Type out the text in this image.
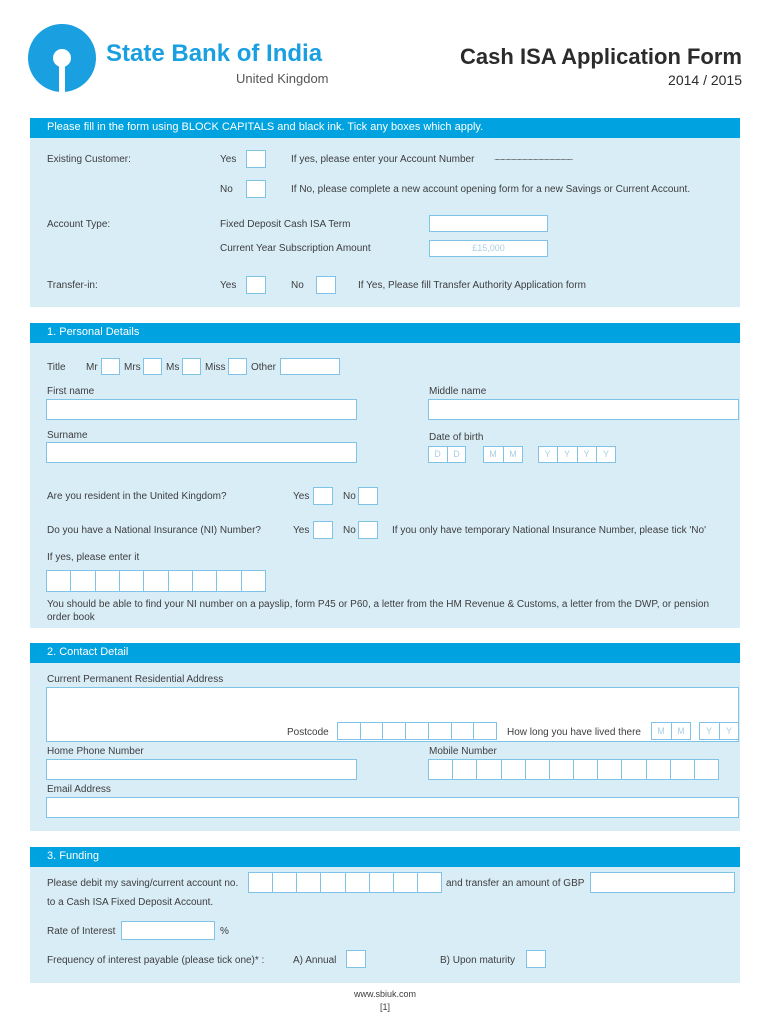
State Bank of India
United Kingdom
Cash ISA Application Form
2014 / 2015
Please fill in the form using BLOCK CAPITALS and black ink. Tick any boxes which apply.
Existing Customer:	Yes	If yes, please enter your Account Number ................................................................
No	If No, please complete a new account opening form for a new Savings or Current Account.
Account Type:	Fixed Deposit Cash ISA Term
Current Year Subscription Amount	£15,000
Transfer-in:	Yes	No	If Yes, Please fill Transfer Authority Application form
1. Personal Details
Title Mr	Mrs	Ms	Miss	Other
First name	Middle name
Surname	Date of birth
D	D	M	M	Y	Y	Y	Y
Are you resident in the United Kingdom?	Yes	No
Do you have a National Insurance (NI) Number?	Yes	No	If you only have temporary National Insurance Number, please tick 'No'
If yes, please enter it
You should be able to find your NI number on a payslip, form P45 or P60, a letter from the HM Revenue & Customs, a letter from the DWP, or pension
order book
2. Contact Detail
Current Permanent Residential Address
Postcode	How long you have lived there	M	M	Y	Y
Home Phone Number	Mobile Number
Email Address
3. Funding
Please debit my saving/current account no.	and transfer an amount of GBP
to a Cash ISA Fixed Deposit Account.
Rate of Interest	%
Frequency of interest payable (please tick one)* :	A) Annual	B) Upon maturity
www.sbiuk.com
[1]
